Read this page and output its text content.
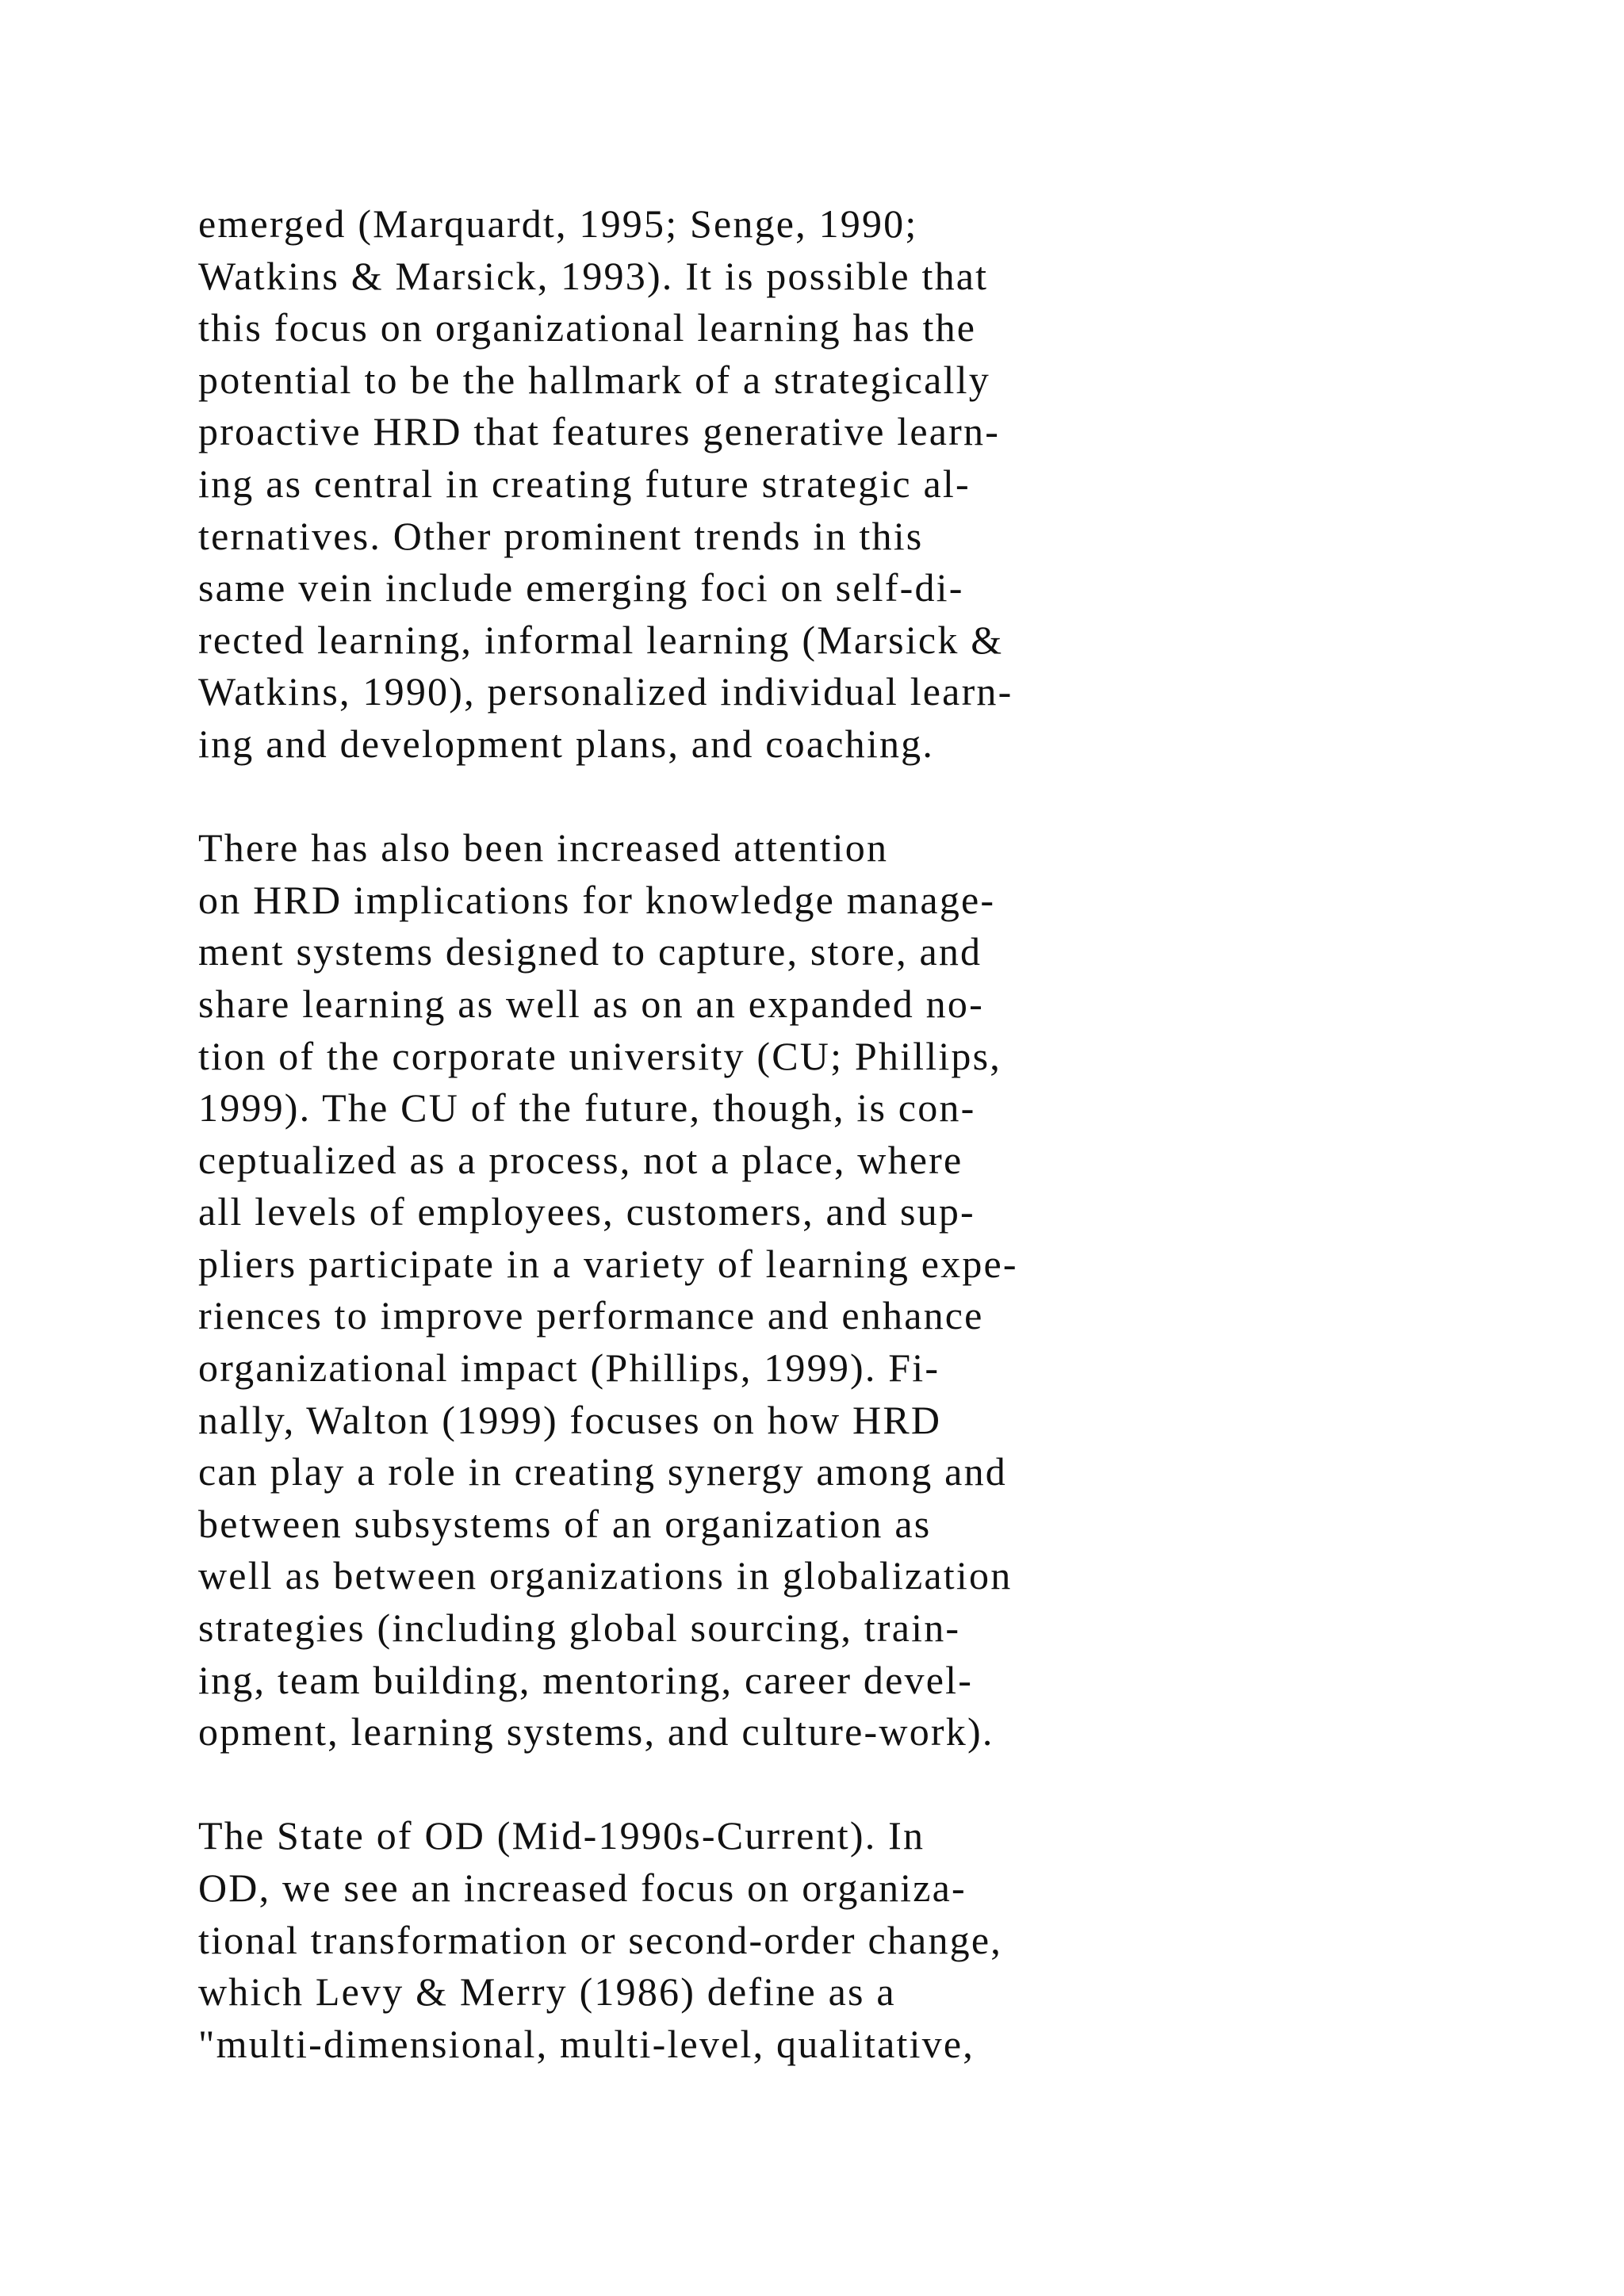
emerged (Marquardt, 1995; Senge, 1990;
Watkins & Marsick, 1993). It is possible that
this focus on organizational learning has the
potential to be the hallmark of a strategically
proactive HRD that features generative learn-
ing as central in creating future strategic al-
ternatives. Other prominent trends in this
same vein include emerging foci on self-di-
rected learning, informal learning (Marsick &
Watkins, 1990), personalized individual learn-
ing and development plans, and coaching.
There has also been increased attention
on HRD implications for knowledge manage-
ment systems designed to capture, store, and
share learning as well as on an expanded no-
tion of the corporate university (CU; Phillips,
1999). The CU of the future, though, is con-
ceptualized as a process, not a place, where
all levels of employees, customers, and sup-
pliers participate in a variety of learning expe-
riences to improve performance and enhance
organizational impact (Phillips, 1999). Fi-
nally, Walton (1999) focuses on how HRD
can play a role in creating synergy among and
between subsystems of an organization as
well as between organizations in globalization
strategies (including global sourcing, train-
ing, team building, mentoring, career devel-
opment, learning systems, and culture-work).
The State of OD (Mid-1990s-Current). In
OD, we see an increased focus on organiza-
tional transformation or second-order change,
which Levy & Merry (1986) define as a
"multi-dimensional, multi-level, qualitative,
